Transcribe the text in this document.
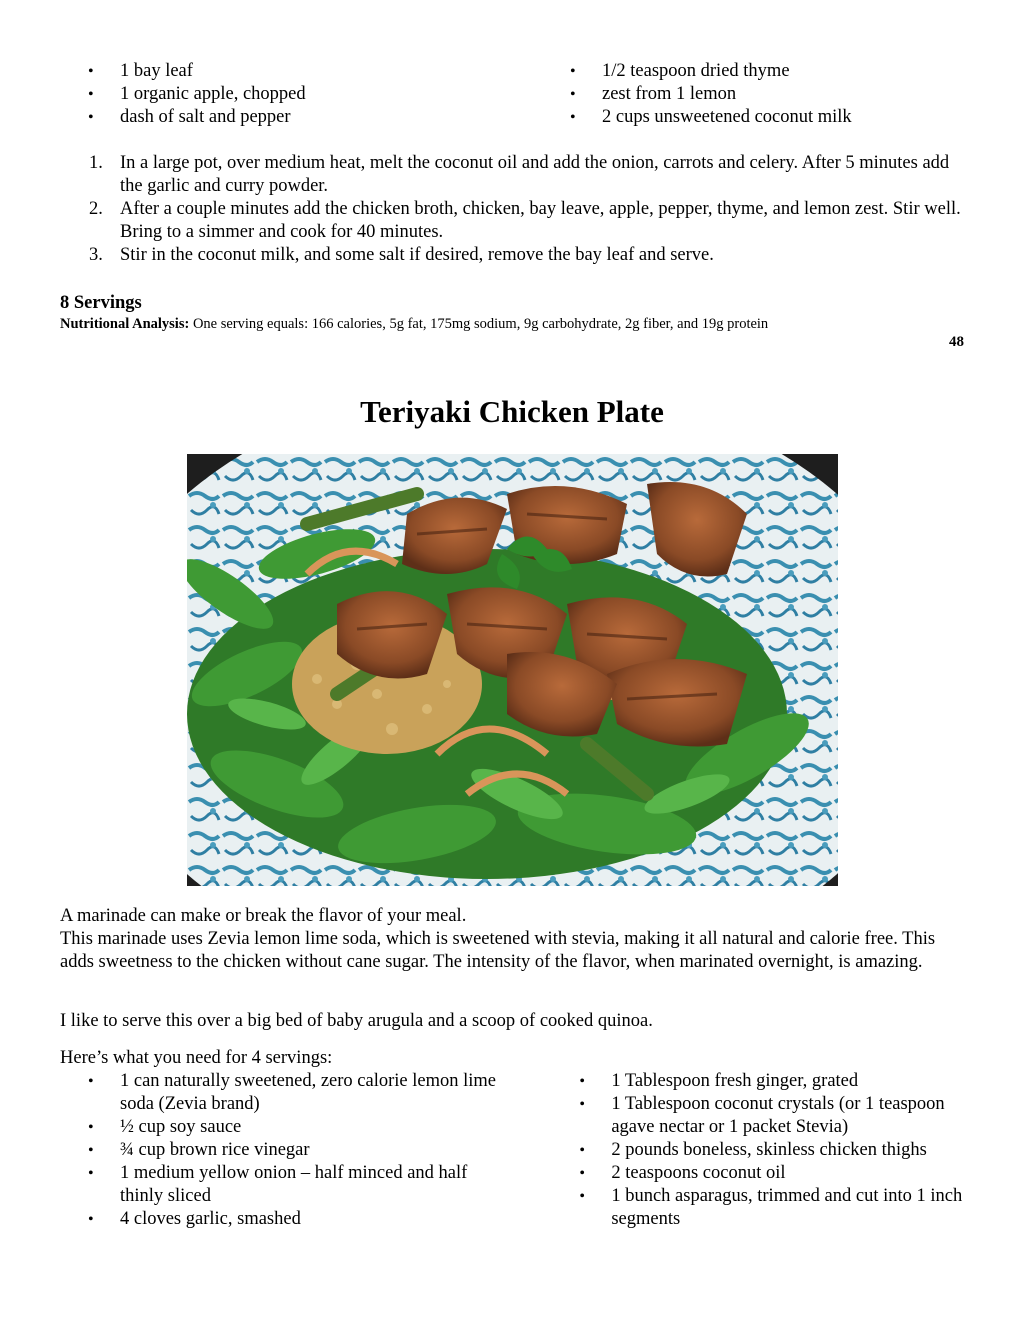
• 1 bay leaf
• 1 organic apple, chopped
• dash of salt and pepper
• 1/2 teaspoon dried thyme
• zest from 1 lemon
• 2 cups unsweetened coconut milk
1. In a large pot, over medium heat, melt the coconut oil and add the onion, carrots and celery. After 5 minutes add the garlic and curry powder.
2. After a couple minutes add the chicken broth, chicken, bay leave, apple, pepper, thyme, and lemon zest. Stir well. Bring to a simmer and cook for 40 minutes.
3. Stir in the coconut milk, and some salt if desired, remove the bay leaf and serve.
8 Servings
Nutritional Analysis: One serving equals: 166 calories, 5g fat, 175mg sodium, 9g carbohydrate, 2g fiber, and 19g protein
48
Teriyaki Chicken Plate
A marinade can make or break the flavor of your meal.
This marinade uses Zevia lemon lime soda, which is sweetened with stevia, making it all natural and calorie free. This adds sweetness to the chicken without cane sugar. The intensity of the flavor, when marinated overnight, is amazing.
I like to serve this over a big bed of baby arugula and a scoop of cooked quinoa.
Here’s what you need for 4 servings:
• 1 can naturally sweetened, zero calorie lemon lime soda (Zevia brand)
• ½ cup soy sauce
• ¾ cup brown rice vinegar
• 1 medium yellow onion – half minced and half thinly sliced
• 4 cloves garlic, smashed
• 1 Tablespoon fresh ginger, grated
• 1 Tablespoon coconut crystals (or 1 teaspoon agave nectar or 1 packet Stevia)
• 2 pounds boneless, skinless chicken thighs
• 2 teaspoons coconut oil
• 1 bunch asparagus, trimmed and cut into 1 inch segments
